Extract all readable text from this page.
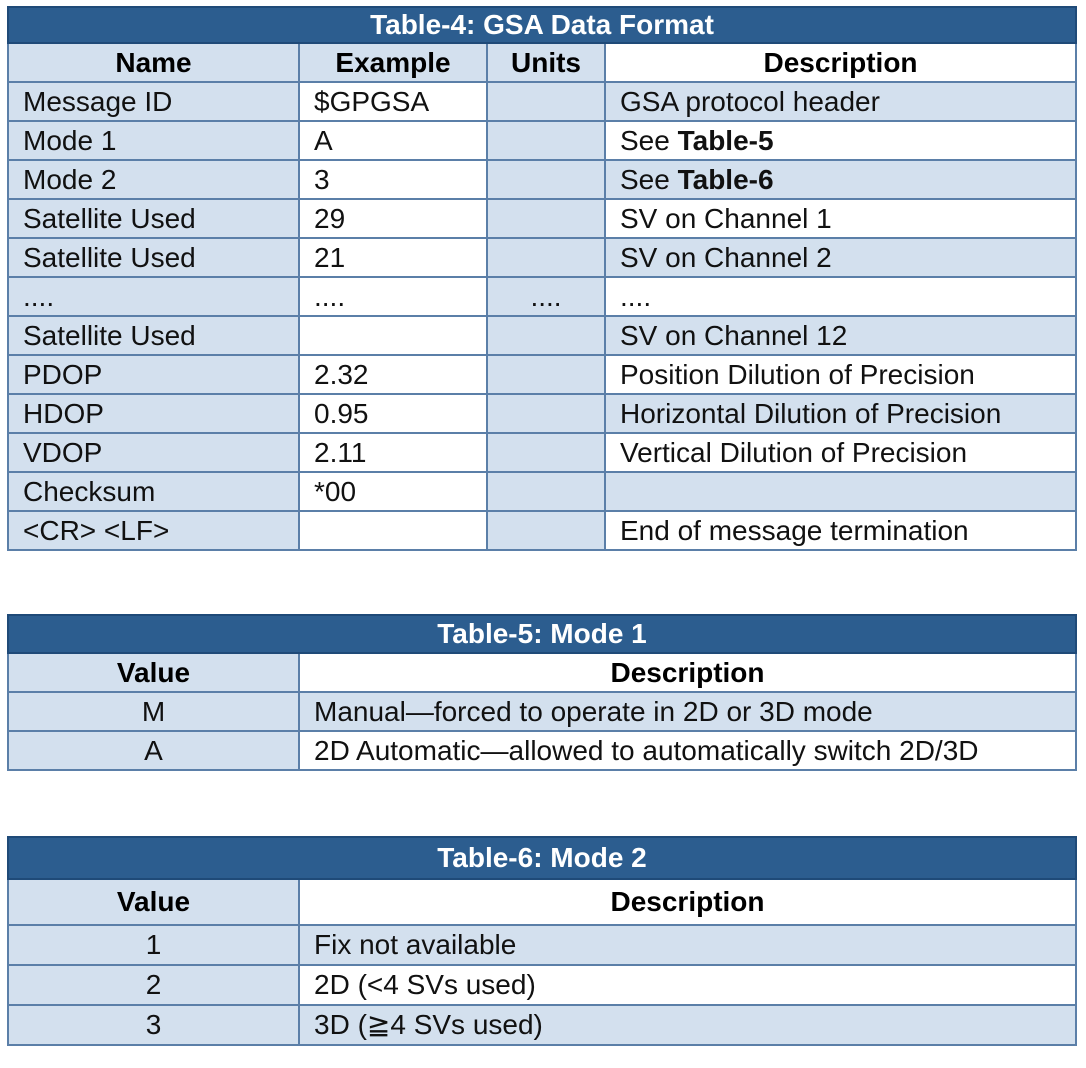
Table-4: GSA Data Format			
Name	Example	Units	Description
Message ID	$GPGSA		GSA protocol header
Mode 1	A		See Table-5
Mode 2	3		See Table-6
Satellite Used	29		SV on Channel 1
Satellite Used	21		SV on Channel 2
....	....	....	....
Satellite Used			SV on Channel 12
PDOP	2.32		Position Dilution of Precision
HDOP	0.95		Horizontal Dilution of Precision
VDOP	2.11		Vertical Dilution of Precision
Checksum	*00		
<CR> <LF>			End of message termination
Table-5: Mode 1	
Value	Description
M	Manual—forced to operate in 2D or 3D mode
A	2D Automatic—allowed to automatically switch 2D/3D
Table-6: Mode 2	
Value	Description
1	Fix not available
2	2D (<4 SVs used)
3	3D (≧4 SVs used)
